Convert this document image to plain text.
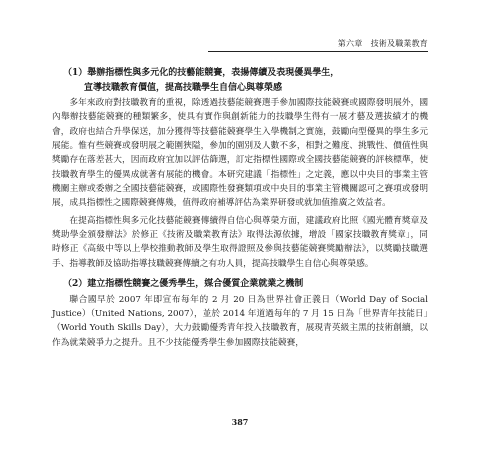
第六章　技術及職業教育
（1）舉辦指標性與多元化的技藝能競賽，表揚傳續及表現優異學生，
宣導技職教育價值，提高技職學生自信心與尊榮感

多年來政府對技職教育的重視，除透過技藝能競賽選手參加國際技能競賽或國際發明展外，國內舉辦技藝能競賽的種類繁多，使具有實作與創新能力的技職學生得有一展才藝及選拔績才的機會，政府也結合升學保送，加分獲得等技藝能競賽學生入學機制之實施，鼓勵向型優異的學生多元展能。惟有些競賽或發明展之範圍狹隘，參加的園別及人數不多，相對之難度、挑戰性、價值性與獎勵存在落差甚大，因而政府宜加以評估篩選，訂定指標性國際或全國技藝能競賽的評核標準，使技職教育學生的優異成就著有展能的機會。本研究建議「指標性」之定義，應以中央目的事業主管機關主辦或委辦之全國技藝能競賽，或國際性發賽類項或中央目的事業主管機關認可之賽項或發明展，成具指標性之國際競賽傳幾，值得政府補導評估為業界研發或就加值推廣之效益者。

在提高指標性與多元化技藝能競賽傳續得自信心與尊榮方面，建議政府比照《國光體育獎章及獎助學金頒發辦法》於修正《技術及職業教育法》取得法源依據，增設「國家技職教育獎章」，同時修正《高級中等以上學校推動教師及學生取得證照及參與技藝能競賽獎勵辦法》，以獎勵技職選手、指導教師及協助指導技職競賽傳續之有功人員，提高技職學生自信心與尊榮感。

（2）建立指標性競賽之優秀學生，媒合優質企業就業之機制

聯合國早於 2007 年即宣布每年的 2 月 20 日為世界社會正義日（World Day of Social Justice）（United Nations, 2007），並於 2014 年道過每年的 7 月 15 日為「世界青年技能日」（World Youth Skills Day），大力鼓勵優秀青年投入技職教育，展現青英級主黑的技術創續，以作為就業競爭力之提升。且不少技能優秀學生參加國際技能競賽，

387
